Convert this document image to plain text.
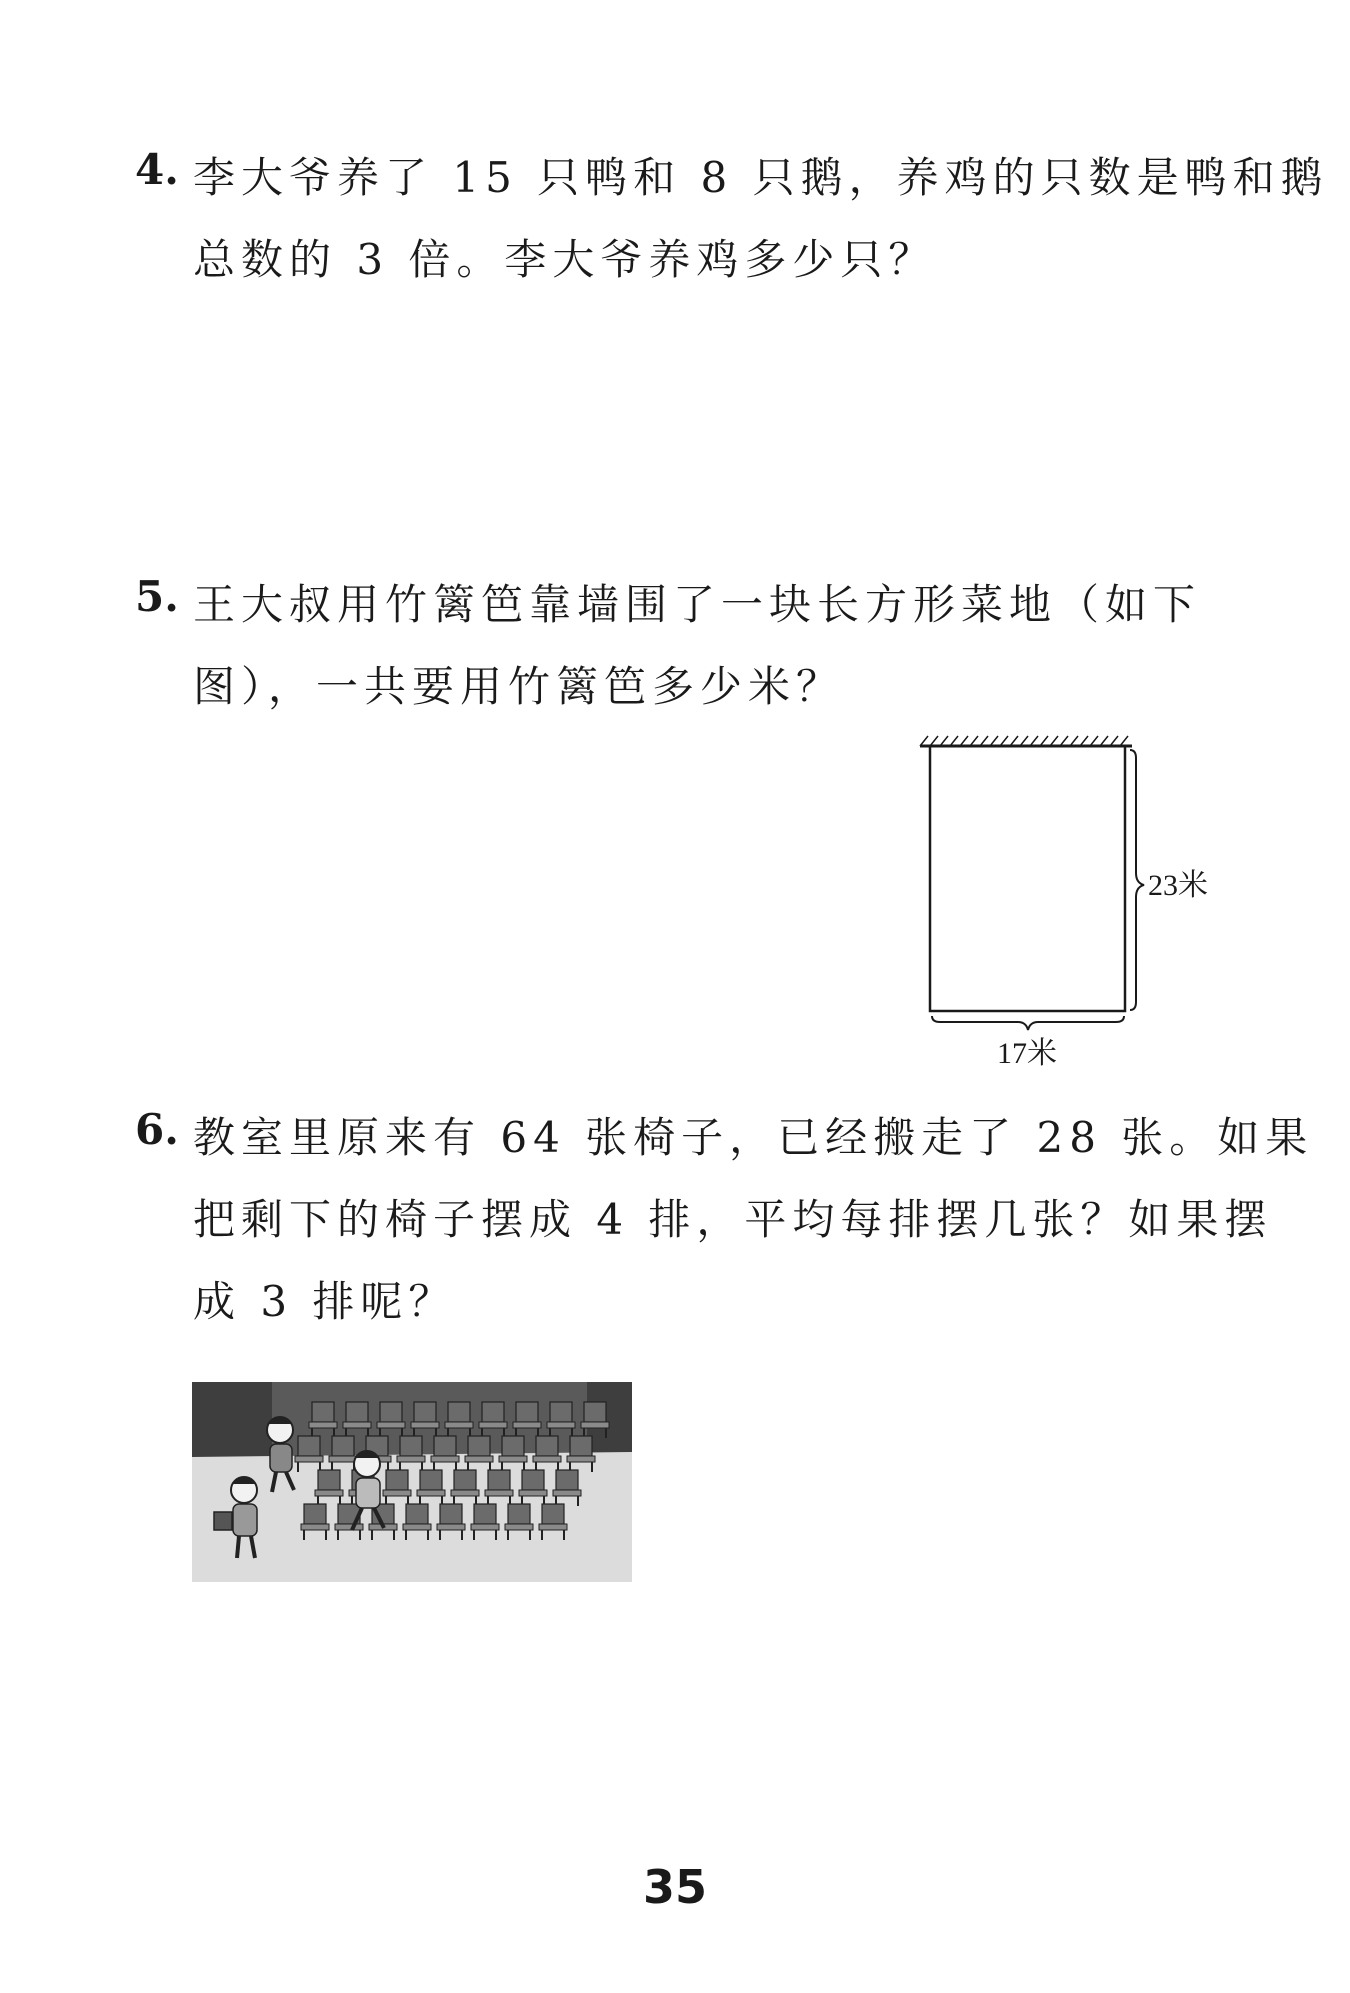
4. 李大爷养了 15 只鸭和 8 只鹅，养鸡的只数是鸭和鹅
总数的 3 倍。李大爷养鸡多少只？
5. 王大叔用竹篱笆靠墙围了一块长方形菜地（如下
图），一共要用竹篱笆多少米？
23米
17米
6. 教室里原来有 64 张椅子，已经搬走了 28 张。如果
把剩下的椅子摆成 4 排，平均每排摆几张？如果摆
成 3 排呢？
35
